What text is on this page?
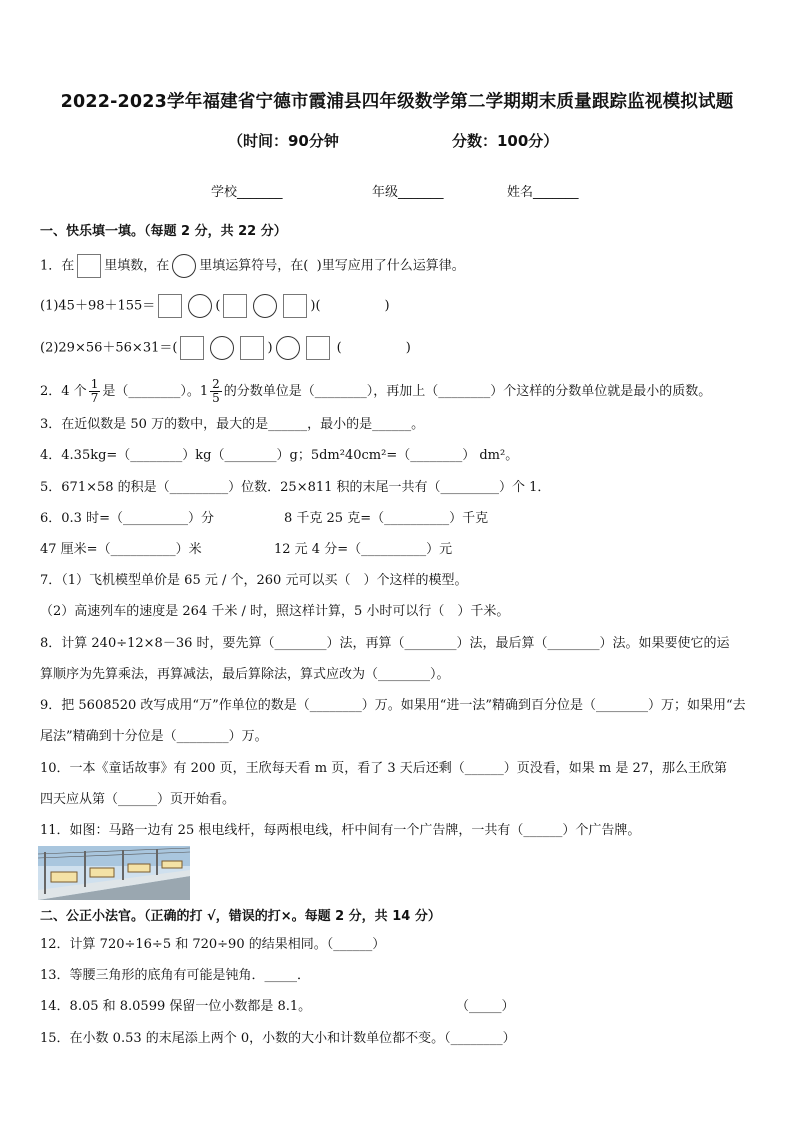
2022-2023学年福建省宁德市霞浦县四年级数学第二学期期末质量跟踪监视模拟试题
（时间：90分钟	分数：100分）
学校_______	年级_______	姓名_______
一、快乐填一填。（每题 2 分，共 22 分）
1．在 里填数，在 里填运算符号，在( )里写应用了什么运算律。
(1)45＋98＋155＝	(	)(	)
(2)29×56＋56×31＝(	)	(	)
2．4 个 $\frac{1}{7}$ 是（________）。$1 \frac{2}{5}$ 的分数单位是（________），再加上（________）个这样的分数单位就是最小的质数。
3．在近似数是 50 万的数中，最大的是______，最小的是______。
4．4.35kg=（________）kg（________）g；5dm²40cm²=（________） dm²。
5．671×58 的积是（_________）位数．25×811 积的末尾一共有（_________）个 1．
6．0.3 时=（__________）分	8 千克 25 克=（__________）千克
47 厘米=（__________）米	12 元 4 分=（__________）元
7．（1）飞机模型单价是 65 元 / 个，260 元可以买（　）个这样的模型。
（2）高速列车的速度是 264 千米 / 时，照这样计算，5 小时可以行（　）千米。
8．计算 240÷12×8－36 时，要先算（________）法，再算（________）法，最后算（________）法。如果要使它的运
算顺序为先算乘法，再算减法，最后算除法，算式应改为（________）。
9．把 5608520 改写成用“万”作单位的数是（________）万。如果用“进一法”精确到百分位是（________）万；如果用“去
尾法”精确到十分位是（________）万。
10．一本《童话故事》有 200 页，王欣每天看 m 页，看了 3 天后还剩（______）页没看，如果 m 是 27，那么王欣第
四天应从第（______）页开始看。
11．如图：马路一边有 25 根电线杆，每两根电线，杆中间有一个广告牌，一共有（______）个广告牌。
二、公正小法官。（正确的打 √，错误的打×。每题 2 分，共 14 分）
12．计算 720÷16÷5 和 720÷90 的结果相同。（______）
13．等腰三角形的底角有可能是钝角．_____．
14．8.05 和 8.0599 保留一位小数都是 8.1。	（_____）
15．在小数 0.53 的末尾添上两个 0，小数的大小和计数单位都不变。（________）
